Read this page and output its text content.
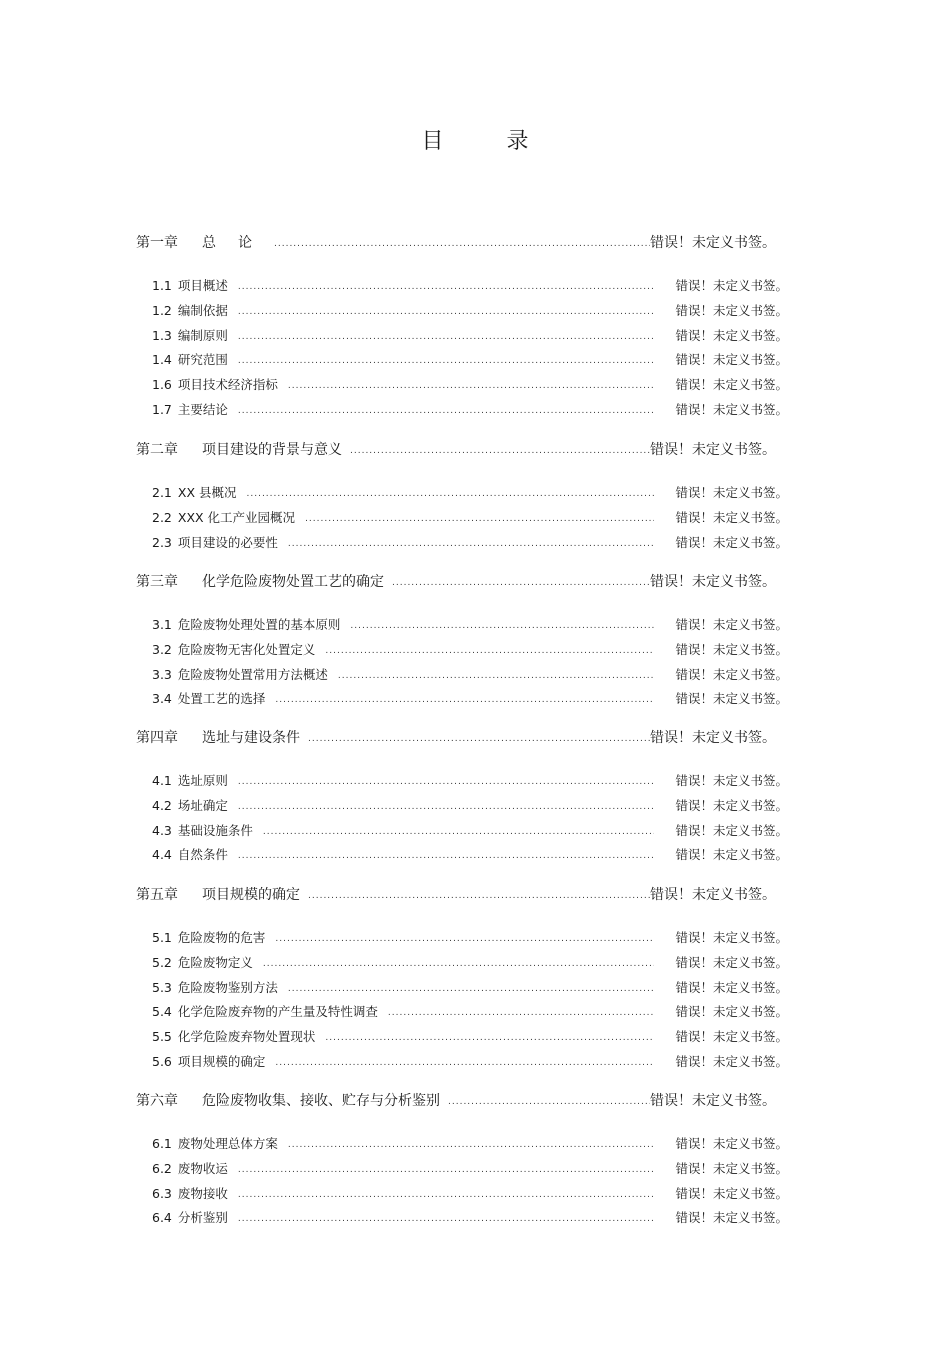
目 录
第一章	总论 .....	错误！未定义书签。
1.1 项目概述 .....	错误！未定义书签。
1.2 编制依据 .....	错误！未定义书签。
1.3 编制原则 .....	错误！未定义书签。
1.4 研究范围 .....	错误！未定义书签。
1.6 项目技术经济指标 .....	错误！未定义书签。
1.7 主要结论 .....	错误！未定义书签。
第二章	项目建设的背景与意义 .....	错误！未定义书签。
2.1 XX 县概况 .....	错误！未定义书签。
2.2 XXX 化工产业园概况 .....	错误！未定义书签。
2.3 项目建设的必要性 .....	错误！未定义书签。
第三章	化学危险废物处置工艺的确定 .....	错误！未定义书签。
3.1 危险废物处理处置的基本原则 .....	错误！未定义书签。
3.2 危险废物无害化处置定义 .....	错误！未定义书签。
3.3 危险废物处置常用方法概述 .....	错误！未定义书签。
3.4 处置工艺的选择 .....	错误！未定义书签。
第四章	选址与建设条件 .....	错误！未定义书签。
4.1 选址原则 .....	错误！未定义书签。
4.2 场址确定 .....	错误！未定义书签。
4.3 基础设施条件 .....	错误！未定义书签。
4.4 自然条件 .....	错误！未定义书签。
第五章	项目规模的确定 .....	错误！未定义书签。
5.1 危险废物的危害 .....	错误！未定义书签。
5.2 危险废物定义 .....	错误！未定义书签。
5.3 危险废物鉴别方法 .....	错误！未定义书签。
5.4 化学危险废弃物的产生量及特性调查 .....	错误！未定义书签。
5.5 化学危险废弃物处置现状 .....	错误！未定义书签。
5.6 项目规模的确定 .....	错误！未定义书签。
第六章	危险废物收集、接收、贮存与分析鉴别 .....	错误！未定义书签。
6.1 废物处理总体方案 .....	错误！未定义书签。
6.2 废物收运 .....	错误！未定义书签。
6.3 废物接收 .....	错误！未定义书签。
6.4 分析鉴别 .....	错误！未定义书签。
